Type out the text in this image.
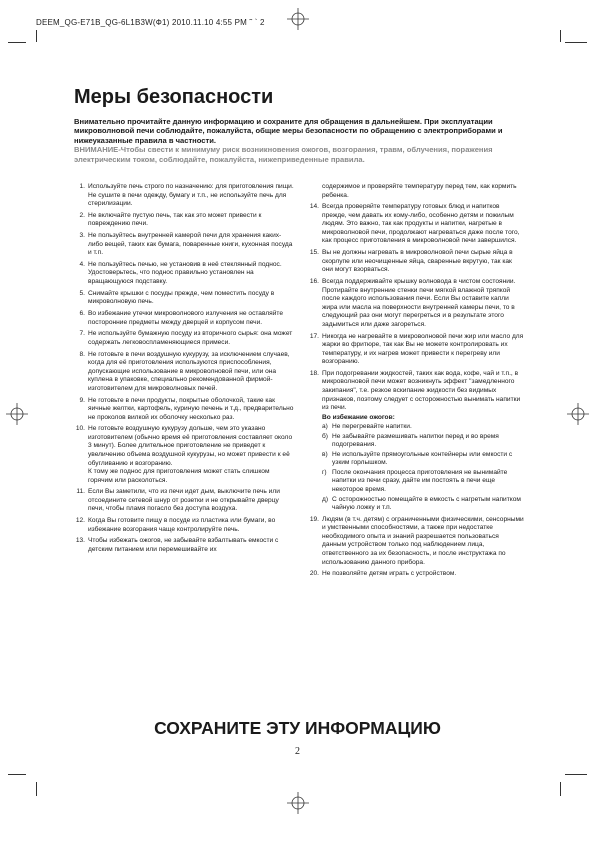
DEEM_QG-E71B_QG-6L1B3W(Ф1) 2010.11.10 4:55 PM ˜ ` 2
Меры безопасности
Внимательно прочитайте данную информацию и сохраните для обращения в дальнейшем. При эксплуатации микроволновой печи соблюдайте, пожалуйста, общие меры безопасности по обращению с электроприборами и нижеуказанные правила в частности.
ВНИМАНИЕ-Чтобы свести к минимуму риск возникновения ожогов, возгорания, травм, облучения, поражения электрическим током, соблюдайте, пожалуйста, нижеприведенные правила.
1. Используйте печь строго по назначению: для приготовления пищи. Не сушите в печи одежду, бумагу и т.п., не используйте печь для стерилизации.
2. Не включайте пустую печь, так как это может привести к повреждению печи.
3. Не пользуйтесь внутренней камерой печи для хранения каких-либо вещей, таких как бумага, поваренные книги, кухонная посуда и т.п.
4. Не пользуйтесь печью, не установив в неё стеклянный поднос. Удостоверьтесь, что поднос правильно установлен на вращающуюся подставку.
5. Снимайте крышки с посуды прежде, чем поместить посуду в микроволновую печь.
6. Во избежание утечки микроволнового излучения не оставляйте посторонние предметы между дверцей и корпусом печи.
7. Не используйте бумажную посуду из вторичного сырья: она может содержать легковоспламеняющиеся примеси.
8. Не готовьте в печи воздушную кукурузу, за исключением случаев, когда для её приготовления используются приспособления, допускающие использование в микроволновой печи, или она куплена в упаковке, специально рекомендованной фирмой-изготовителем для микроволновых печей.
9. Не готовьте в печи продукты, покрытые оболочкой, такие как яичные желтки, картофель, куриную печень и т.д., предварительно не проколов вилкой их оболочку несколько раз.
10. Не готовьте воздушную кукурузу дольше, чем это указано изготовителем (обычно время её приготовления составляет около 3 минут). Более длительное приготовление не приведет к увеличению объема воздушной кукурузы, но может привести к её обугливанию и возгоранию.
К тому же поднос для приготовления может стать слишком горячим или расколоться.
11. Если Вы заметили, что из печи идет дым, выключите печь или отсоедините сетевой шнур от розетки и не открывайте дверцу печи, чтобы пламя погасло без доступа воздуха.
12. Когда Вы готовите пищу в посуде из пластика или бумаги, во избежание возгорания чаще контролируйте печь.
13. Чтобы избежать ожогов, не забывайте взбалтывать емкости с детским питанием или перемешивайте их
содержимое и проверяйте температуру перед тем, как кормить ребенка.
14. Всегда проверяйте температуру готовых блюд и напитков прежде, чем давать их кому-либо, особенно детям и пожилым людям. Это важно, так как продукты и напитки, нагретые в микроволновой печи, продолжают нагреваться даже после того, как процесс приготовления в микроволновой печи завершился.
15. Вы не должны нагревать в микроволновой печи сырые яйца в скорлупе или неочищенные яйца, сваренные вкрутую, так как они могут взорваться.
16. Всегда поддерживайте крышку волновода в чистом состоянии. Протирайте внутренние стенки печи мягкой влажной тряпкой после каждого использования печи. Если Вы оставите капли жира или масла на поверхности внутренней камеры печи, то в следующий раз они могут перегреться и в результате этого задымиться или даже загореться.
17. Никогда не нагревайте в микроволновой печи жир или масло для жарки во фритюре, так как Вы не можете контролировать их температуру, и их нагрев может привести к перегреву или возгоранию.
18. При подогревании жидкостей, таких как вода, кофе, чай и т.п., в микроволновой печи может возникнуть эффект "замедленного закипания", т.е. резкое вскипание жидкости без видимых признаков, поэтому следует с осторожностью вынимать напитки из печи.
Во избежание ожогов:
а) Не перегревайте напитки.
б) Не забывайте размешивать напитки перед и во время подогревания.
в) Не используйте прямоугольные контейнеры или емкости с узким горлышком.
г) После окончания процесса приготовления не вынимайте напитки из печи сразу, дайте им постоять в печи еще некоторое время.
д) С осторожностью помещайте в емкость с нагретым напитком чайную ложку и т.п.
19. Людям (в т.ч. детям) с ограниченными физическими, сенсорными и умственными способностями, а также при недостатке необходимого опыта и знаний разрешается пользоваться данным устройством только под наблюдением лица, ответственного за их безопасность, и после инструктажа по использованию данного прибора.
20. Не позволяйте детям играть с устройством.
СОХРАНИТЕ ЭТУ ИНФОРМАЦИЮ
2
